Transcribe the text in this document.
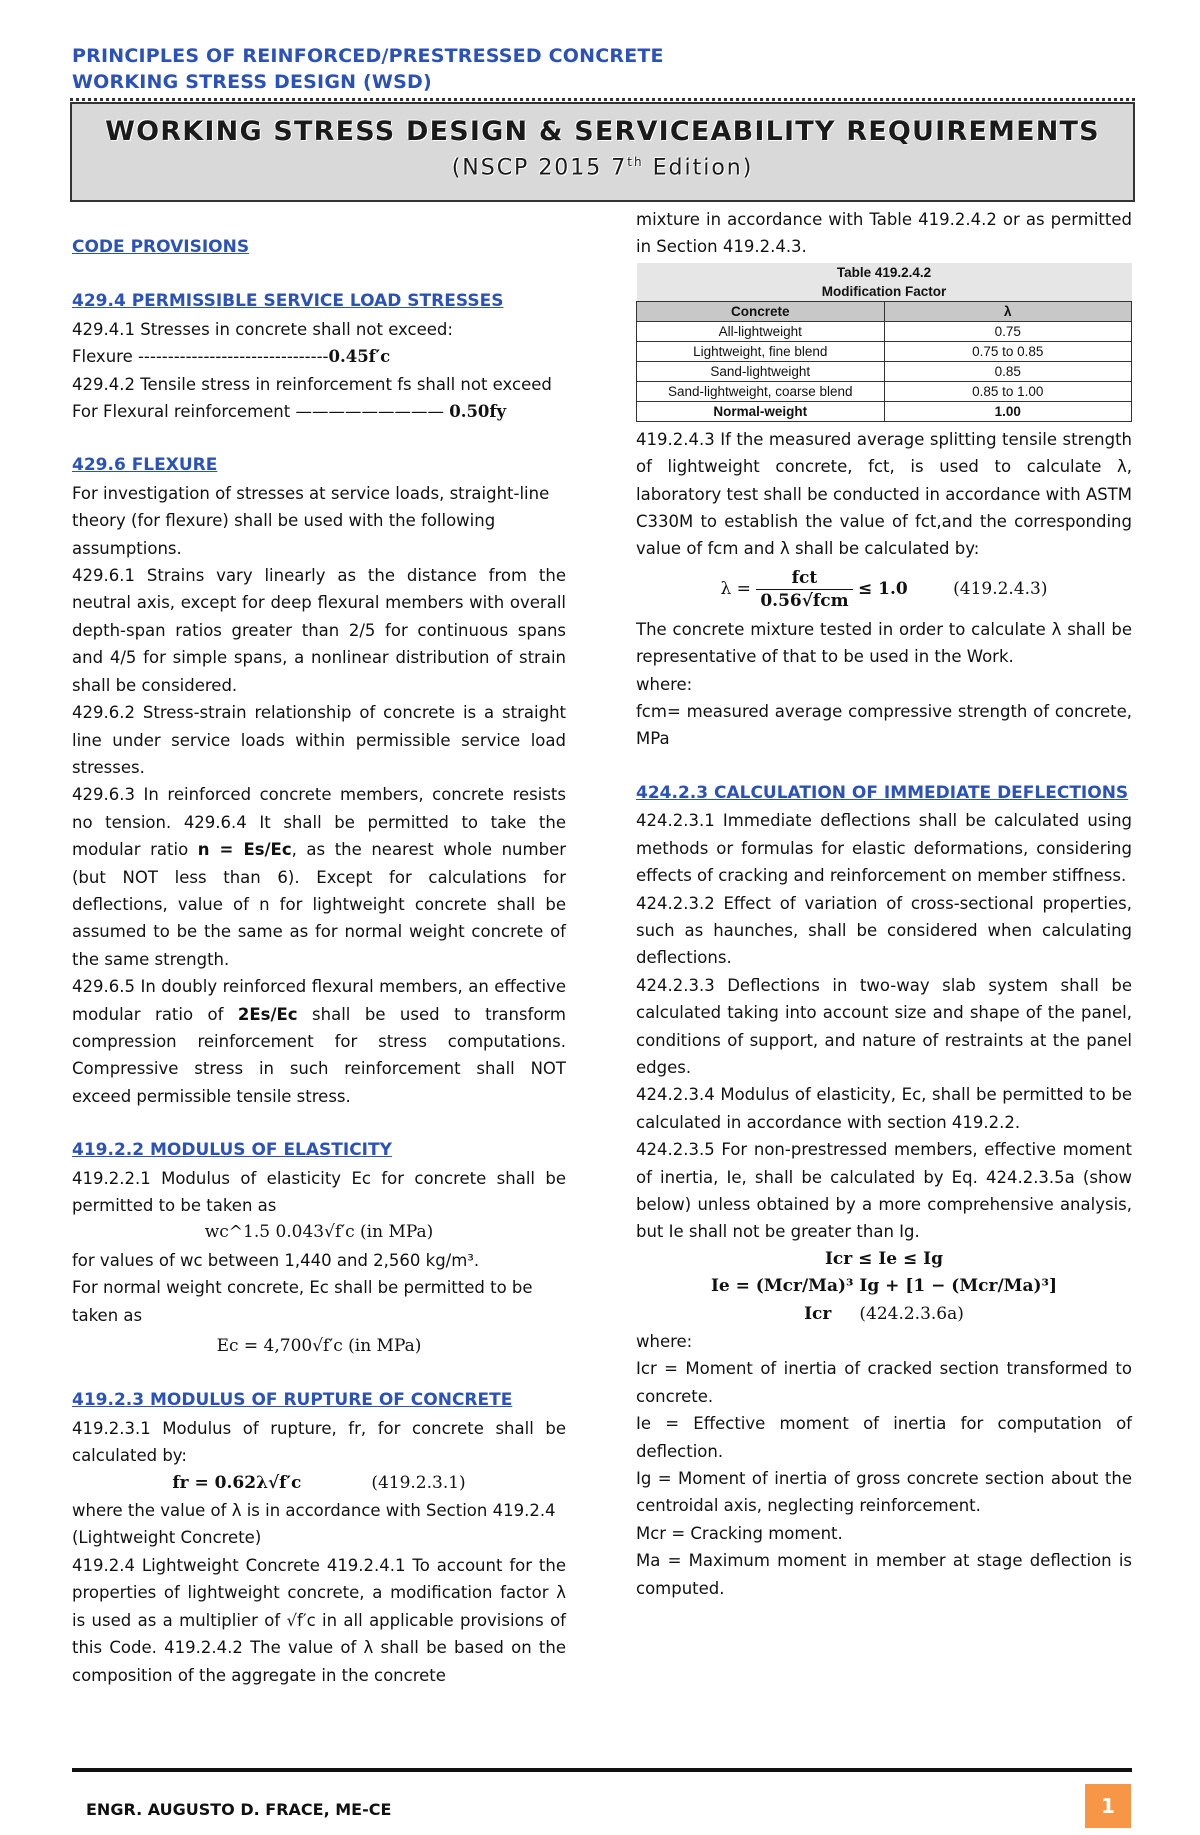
PRINCIPLES OF REINFORCED/PRESTRESSED CONCRETE
WORKING STRESS DESIGN (WSD)
WORKING STRESS DESIGN & SERVICEABILITY REQUIREMENTS
(NSCP 2015 7th Edition)
CODE PROVISIONS
429.4 PERMISSIBLE SERVICE LOAD STRESSES

429.4.1 Stresses in concrete shall not exceed:

Flexure --------------------------------0.45f′c

429.4.2 Tensile stress in reinforcement fs shall not exceed

For Flexural reinforcement ————————— 0.50fy

429.6 FLEXURE

For investigation of stresses at service loads, straight-line theory (for flexure) shall be used with the following assumptions.

429.6.1 Strains vary linearly as the distance from the neutral axis, except for deep flexural members with overall depth-span ratios greater than 2/5 for continuous spans and 4/5 for simple spans, a nonlinear distribution of strain shall be considered.

429.6.2 Stress-strain relationship of concrete is a straight line under service loads within permissible service load stresses.

429.6.3 In reinforced concrete members, concrete resists no tension. 429.6.4 It shall be permitted to take the modular ratio n = Es/Ec, as the nearest whole number (but NOT less than 6). Except for calculations for deflections, value of n for lightweight concrete shall be assumed to be the same as for normal weight concrete of the same strength.

429.6.5 In doubly reinforced flexural members, an effective modular ratio of 2Es/Ec shall be used to transform compression reinforcement for stress computations. Compressive stress in such reinforcement shall NOT exceed permissible tensile stress.

419.2.2 MODULUS OF ELASTICITY

419.2.2.1 Modulus of elasticity Ec for concrete shall be permitted to be taken as

wc^1.5 0.043√f′c (in MPa)

for values of wc between 1,440 and 2,560 kg/m³.

For normal weight concrete, Ec shall be permitted to be taken as

Ec = 4,700√f′c (in MPa)
419.2.3 MODULUS OF RUPTURE OF CONCRETE

419.2.3.1 Modulus of rupture, fr, for concrete shall be calculated by:

fr = 0.62λ√f′c	(419.2.3.1)

where the value of λ is in accordance with Section 419.2.4 (Lightweight Concrete)

419.2.4 Lightweight Concrete 419.2.4.1 To account for the properties of lightweight concrete, a modification factor λ is used as a multiplier of √f′c in all applicable provisions of this Code. 419.2.4.2 The value of λ shall be based on the composition of the aggregate in the concrete

mixture in accordance with Table 419.2.4.2 or as permitted in Section 419.2.4.3.

Table 419.2.4.2	
Modification Factor	
Concrete	λ
All-lightweight	0.75
Lightweight, fine blend	0.75 to 0.85
Sand-lightweight	0.85
Sand-lightweight, coarse blend	0.85 to 1.00
Normal-weight	1.00

419.2.4.3 If the measured average splitting tensile strength of lightweight concrete, fct, is used to calculate λ, laboratory test shall be conducted in accordance with ASTM C330M to establish the value of fct,and the corresponding value of fcm and λ shall be calculated by:

$\lambda = \frac{\text{fct}}{\text{0.56√fcm}} \le 1.0$	(419.2.4.3)

The concrete mixture tested in order to calculate λ shall be representative of that to be used in the Work.

where:

fcm= measured average compressive strength of concrete, MPa

424.2.3 CALCULATION OF IMMEDIATE DEFLECTIONS

424.2.3.1 Immediate deflections shall be calculated using methods or formulas for elastic deformations, considering effects of cracking and reinforcement on member stiffness.

424.2.3.2 Effect of variation of cross-sectional properties, such as haunches, shall be considered when calculating deflections.

424.2.3.3 Deflections in two-way slab system shall be calculated taking into account size and shape of the panel, conditions of support, and nature of restraints at the panel edges.

424.2.3.4 Modulus of elasticity, Ec, shall be permitted to be calculated in accordance with section 419.2.2.

424.2.3.5 For non-prestressed members, effective moment of inertia, Ie, shall be calculated by Eq. 424.2.3.5a (show below) unless obtained by a more comprehensive analysis, but Ie shall not be greater than Ig.

Icr ≤ Ie ≤ Ig
Ie = (Mcr/Ma)³ Ig + [1 − (Mcr/Ma)³] Icr (424.2.3.6a)

where:

Icr = Moment of inertia of cracked section transformed to concrete.

Ie = Effective moment of inertia for computation of deflection.

Ig = Moment of inertia of gross concrete section about the centroidal axis, neglecting reinforcement.

Mcr = Cracking moment.

Ma = Maximum moment in member at stage deflection is computed.

ENGR. AUGUSTO D. FRACE, ME-CE	1
